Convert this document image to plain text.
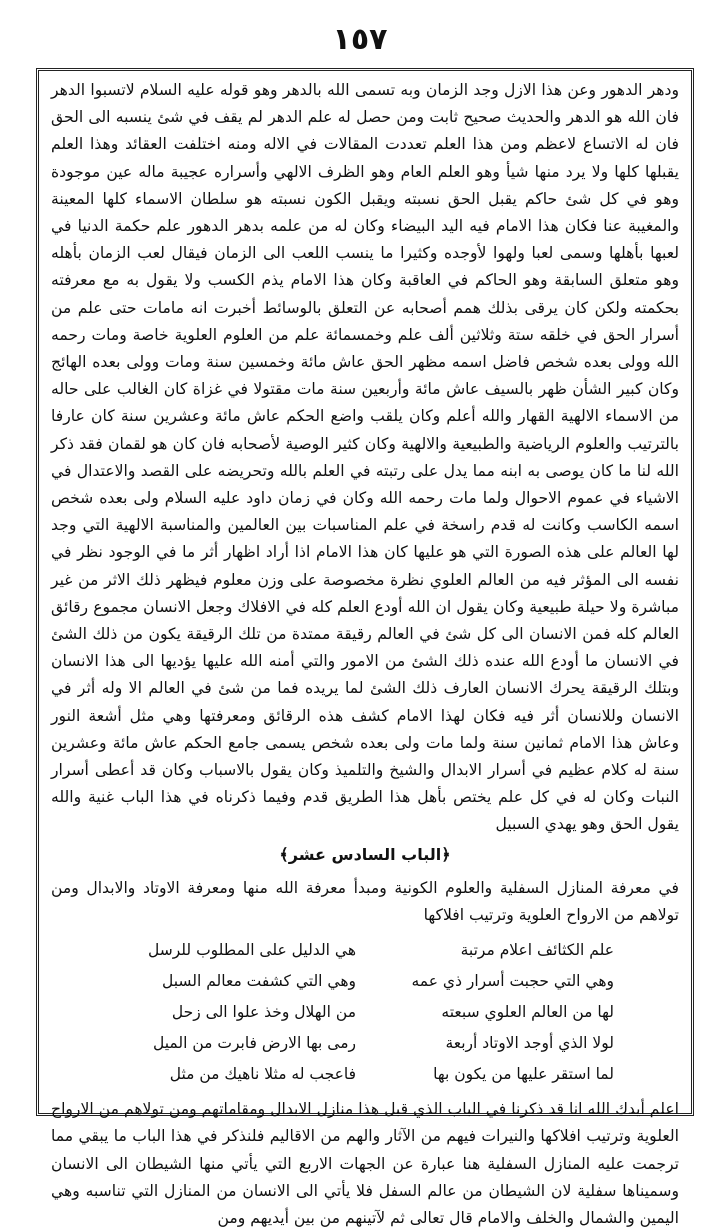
١٥٧

ودهر الدهور وعن هذا الازل وجد الزمان وبه تسمى الله بالدهر وهو قوله عليه السلام لاتسبوا الدهر فان الله هو الدهر والحديث صحيح ثابت ومن حصل له علم الدهر لم يقف في شئ ينسبه الى الحق فان له الاتساع لاعظم ومن هذا العلم تعددت المقالات في الاله ومنه اختلفت العقائد وهذا العلم يقبلها كلها ولا يرد منها شيأ وهو العلم العام وهو الظرف الالهي وأسراره عجيبة ماله عين موجودة وهو في كل شئ حاكم يقبل الحق نسبته ويقبل الكون نسبته هو سلطان الاسماء كلها المعينة والمغيبة عنا فكان هذا الامام فيه اليد البيضاء وكان له من علمه بدهر الدهور علم حكمة الدنيا في لعبها بأهلها وسمى لعبا ولهوا لأوجده وكثيرا ما ينسب اللعب الى الزمان فيقال لعب الزمان بأهله وهو متعلق السابقة وهو الحاكم في العاقبة وكان هذا الامام يذم الكسب ولا يقول به مع معرفته بحكمته ولكن كان يرقى بذلك همم أصحابه عن التعلق بالوسائط أخبرت انه مامات حتى علم من أسرار الحق في خلقه ستة وثلاثين ألف علم وخمسمائة علم من العلوم العلوية خاصة ومات رحمه الله وولى بعده شخص فاضل اسمه مظهر الحق عاش مائة وخمسين سنة ومات وولى بعده الهائج وكان كبير الشأن ظهر بالسيف عاش مائة وأربعين سنة مات مقتولا في غزاة كان الغالب على حاله من الاسماء الالهية القهار والله أعلم وكان يلقب واضع الحكم عاش مائة وعشرين سنة كان عارفا بالترتيب والعلوم الرياضية والطبيعية والالهية وكان كثير الوصية لأصحابه فان كان هو لقمان فقد ذكر الله لنا ما كان يوصى به ابنه مما يدل على رتبته في العلم بالله وتحريضه على القصد والاعتدال في الاشياء في عموم الاحوال ولما مات رحمه الله وكان في زمان داود عليه السلام ولى بعده شخص اسمه الكاسب وكانت له قدم راسخة في علم المناسبات بين العالمين والمناسبة الالهية التي وجد لها العالم على هذه الصورة التي هو عليها كان هذا الامام اذا أراد اظهار أثر ما في الوجود نظر في نفسه الى المؤثر فيه من العالم العلوي نظرة مخصوصة على وزن معلوم فيظهر ذلك الاثر من غير مباشرة ولا حيلة طبيعية وكان يقول ان الله أودع العلم كله في الافلاك وجعل الانسان مجموع رقائق العالم كله فمن الانسان الى كل شئ في العالم رقيقة ممتدة من تلك الرقيقة يكون من ذلك الشئ في الانسان ما أودع الله عنده ذلك الشئ من الامور والتي أمنه الله عليها يؤديها الى هذا الانسان وبتلك الرقيقة يحرك الانسان العارف ذلك الشئ لما يريده فما من شئ في العالم الا وله أثر في الانسان وللانسان أثر فيه فكان لهذا الامام كشف هذه الرقائق ومعرفتها وهي مثل أشعة النور وعاش هذا الامام ثمانين سنة ولما مات ولى بعده شخص يسمى جامع الحكم عاش مائة وعشرين سنة له كلام عظيم في أسرار الابدال والشيخ والتلميذ وكان يقول بالاسباب وكان قد أعطى أسرار النبات وكان له في كل علم يختص بأهل هذا الطريق قدم وفيما ذكرناه في هذا الباب غنية والله يقول الحق وهو يهدي السبيل

﴿الباب السادس عشر﴾

في معرفة المنازل السفلية والعلوم الكونية ومبدأ معرفة الله منها ومعرفة الاوتاد والابدال ومن تولاهم من الارواح العلوية وترتيب افلاكها

علم الكثائف اعلام مرتبة
هي الدليل على المطلوب للرسل
وهي التي حجبت أسرار ذي عمه
وهي التي كشفت معالم السبل
لها من العالم العلوي سبعته
من الهلال وخذ علوا الى زحل
لولا الذي أوجد الاوتاد أربعة
رمى بها الارض فابرت من الميل
لما استقر عليها من يكون بها
فاعجب له مثلا ناهيك من مثل

اعلم أيدك الله انا قد ذكرنا في الباب الذي قبل هذا منازل الابدال ومقاماتهم ومن تولاهم من الارواح العلوية وترتيب افلاكها والنيرات فيهم من الآثار والهم من الاقاليم فلنذكر في هذا الباب ما يبقي مما ترجمت عليه المنازل السفلية هنا عبارة عن الجهات الاربع التي يأتي منها الشيطان الى الانسان وسميناها سفلية لان الشيطان من عالم السفل فلا يأتي الى الانسان من المنازل التي تناسبه وهي اليمين والشمال والخلف والامام قال تعالى ثم لآتينهم من بين أيديهم ومن
